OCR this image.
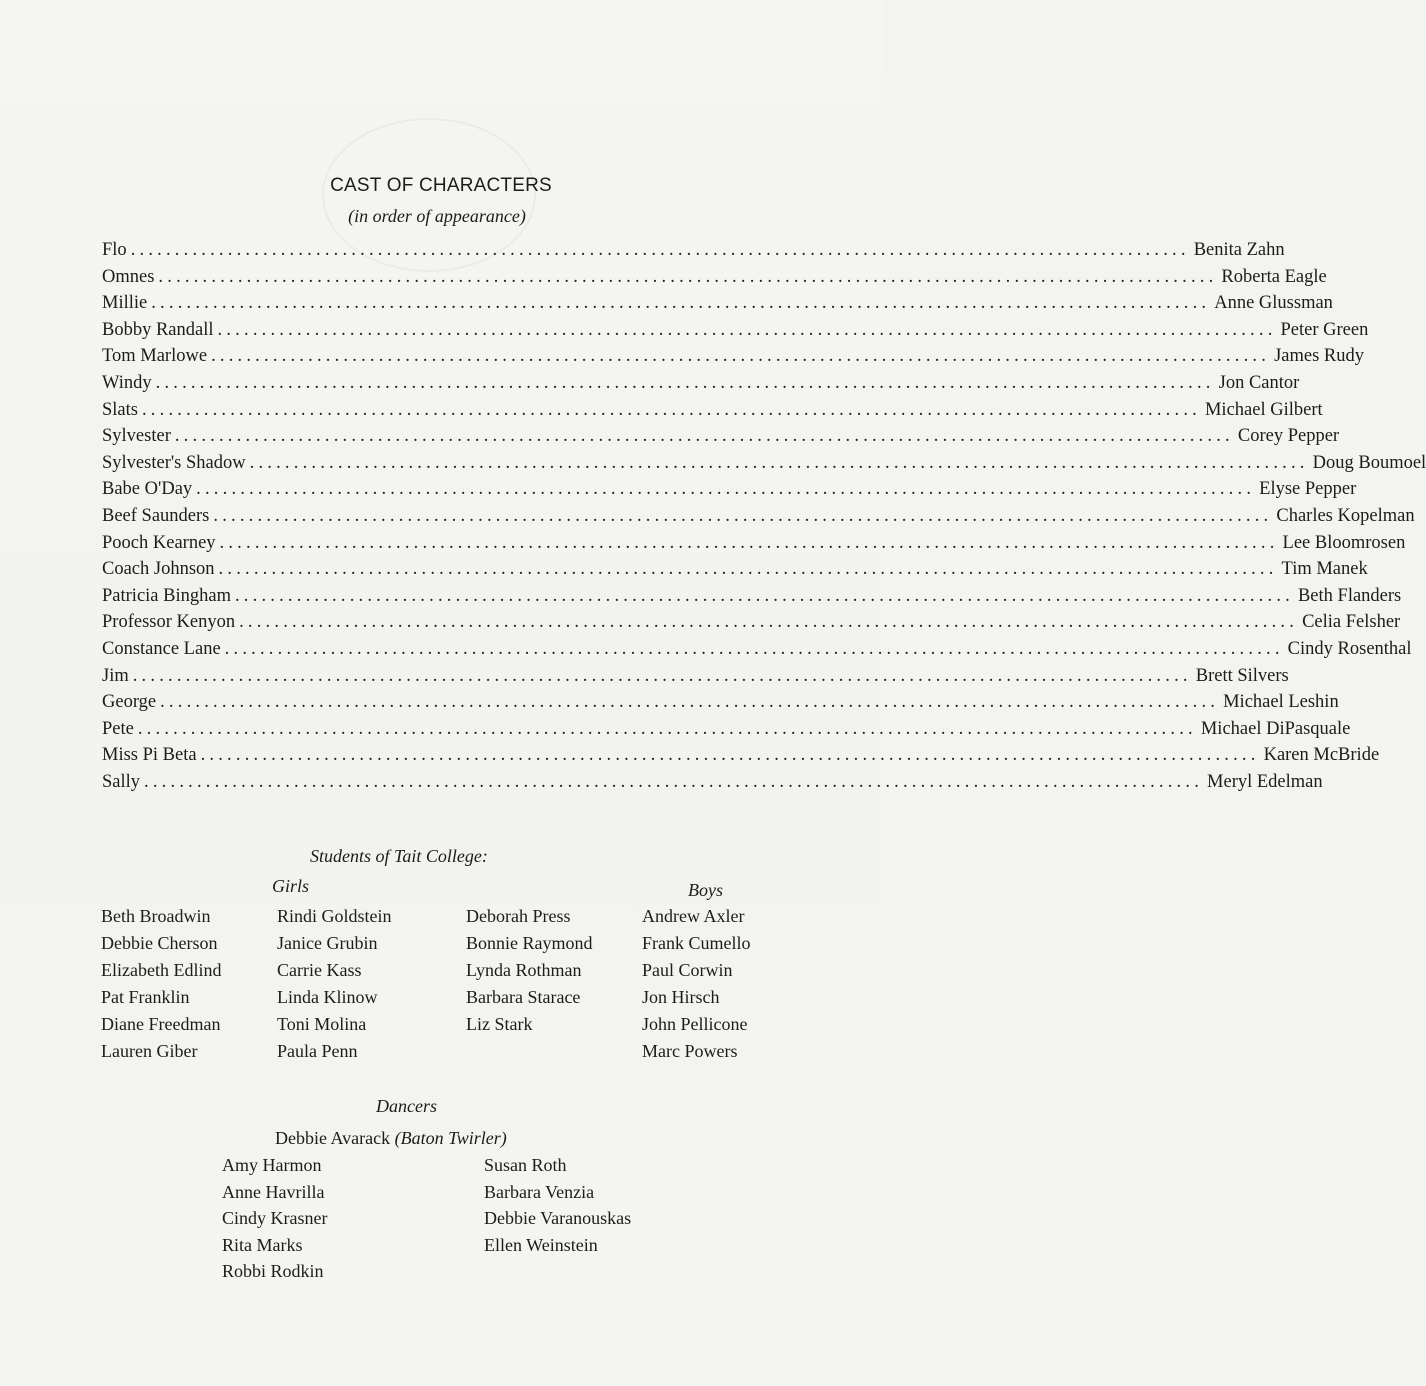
CAST OF CHARACTERS
(in order of appearance)
Flo ........................................................................................................................ Benita Zahn
Omnes ........................................................................................................................ Roberta Eagle
Millie ........................................................................................................................ Anne Glussman
Bobby Randall ........................................................................................................................ Peter Green
Tom Marlowe ........................................................................................................................ James Rudy
Windy ........................................................................................................................ Jon Cantor
Slats ........................................................................................................................ Michael Gilbert
Sylvester ........................................................................................................................ Corey Pepper
Sylvester's Shadow ........................................................................................................................ Doug Boumoel
Babe O'Day ........................................................................................................................ Elyse Pepper
Beef Saunders ........................................................................................................................ Charles Kopelman
Pooch Kearney ........................................................................................................................ Lee Bloomrosen
Coach Johnson ........................................................................................................................ Tim Manek
Patricia Bingham ........................................................................................................................ Beth Flanders
Professor Kenyon ........................................................................................................................ Celia Felsher
Constance Lane ........................................................................................................................ Cindy Rosenthal
Jim ........................................................................................................................ Brett Silvers
George ........................................................................................................................ Michael Leshin
Pete ........................................................................................................................ Michael DiPasquale
Miss Pi Beta ........................................................................................................................ Karen McBride
Sally ........................................................................................................................ Meryl Edelman
Students of Tait College:
Girls	Boys
Beth Broadwin
Debbie Cherson
Elizabeth Edlind
Pat Franklin
Diane Freedman
Lauren Giber
Rindi Goldstein
Janice Grubin
Carrie Kass
Linda Klinow
Toni Molina
Paula Penn
Deborah Press
Bonnie Raymond
Lynda Rothman
Barbara Starace
Liz Stark
Andrew Axler
Frank Cumello
Paul Corwin
Jon Hirsch
John Pellicone
Marc Powers
Dancers
Debbie Avarack (Baton Twirler)
Amy Harmon
Anne Havrilla
Cindy Krasner
Rita Marks
Robbi Rodkin
Susan Roth
Barbara Venzia
Debbie Varanouskas
Ellen Weinstein
